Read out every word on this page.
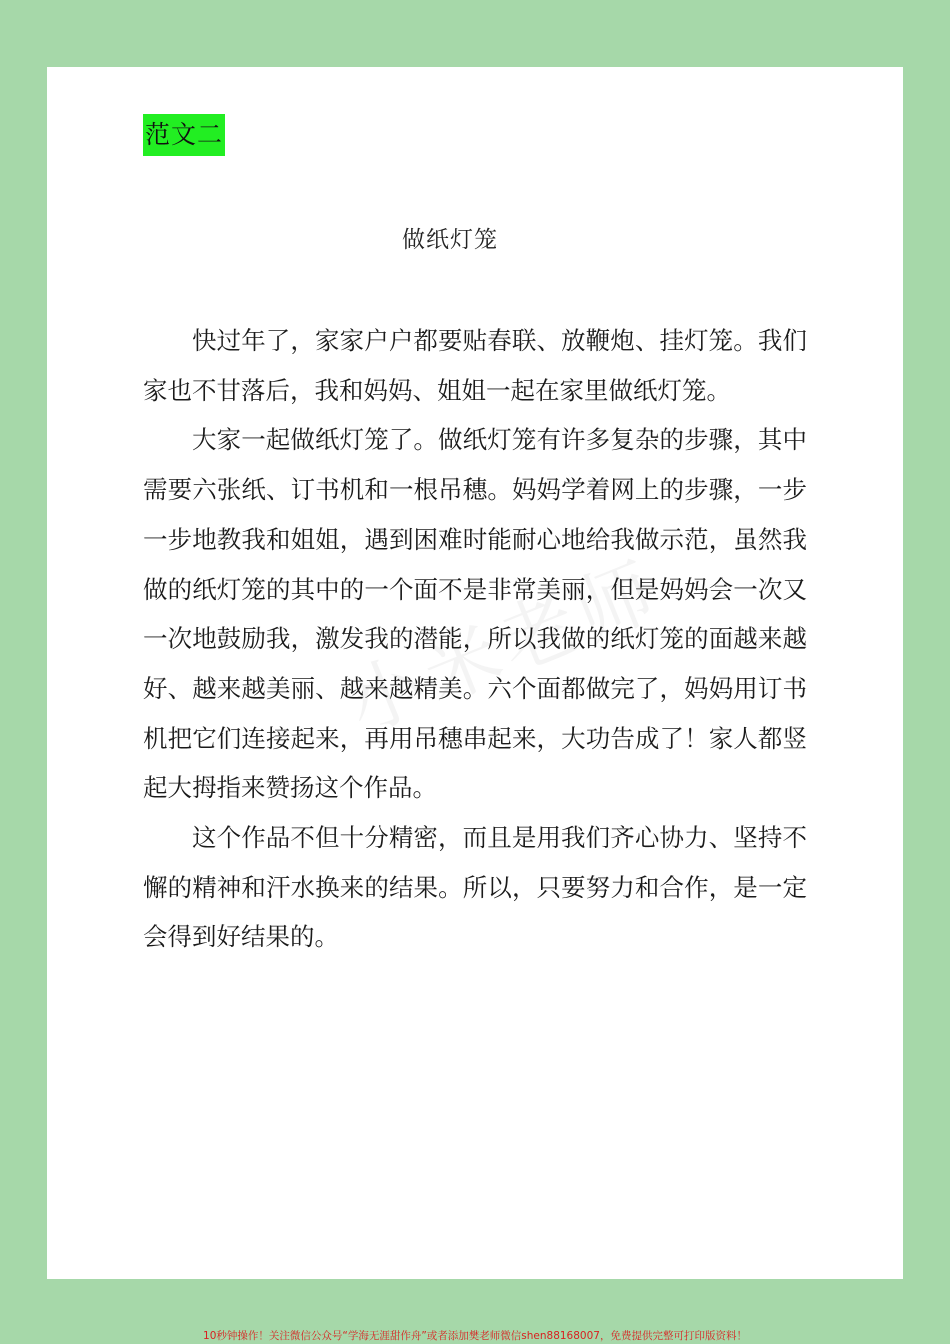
范文二
做纸灯笼

快过年了，家家户户都要贴春联、放鞭炮、挂灯笼。我们家也不甘落后，我和妈妈、姐姐一起在家里做纸灯笼。

大家一起做纸灯笼了。做纸灯笼有许多复杂的步骤，其中需要六张纸、订书机和一根吊穗。妈妈学着网上的步骤，一步一步地教我和姐姐，遇到困难时能耐心地给我做示范，虽然我做的纸灯笼的其中的一个面不是非常美丽，但是妈妈会一次又一次地鼓励我，激发我的潜能，所以我做的纸灯笼的面越来越好、越来越美丽、越来越精美。六个面都做完了，妈妈用订书机把它们连接起来，再用吊穗串起来，大功告成了！家人都竖起大拇指来赞扬这个作品。

这个作品不但十分精密，而且是用我们齐心协力、坚持不懈的精神和汗水换来的结果。所以，只要努力和合作，是一定会得到好结果的。

10秒钟操作！关注微信公众号“学海无涯甜作舟”或者添加樊老师微信shen88168007，免费提供完整可打印版资料！
